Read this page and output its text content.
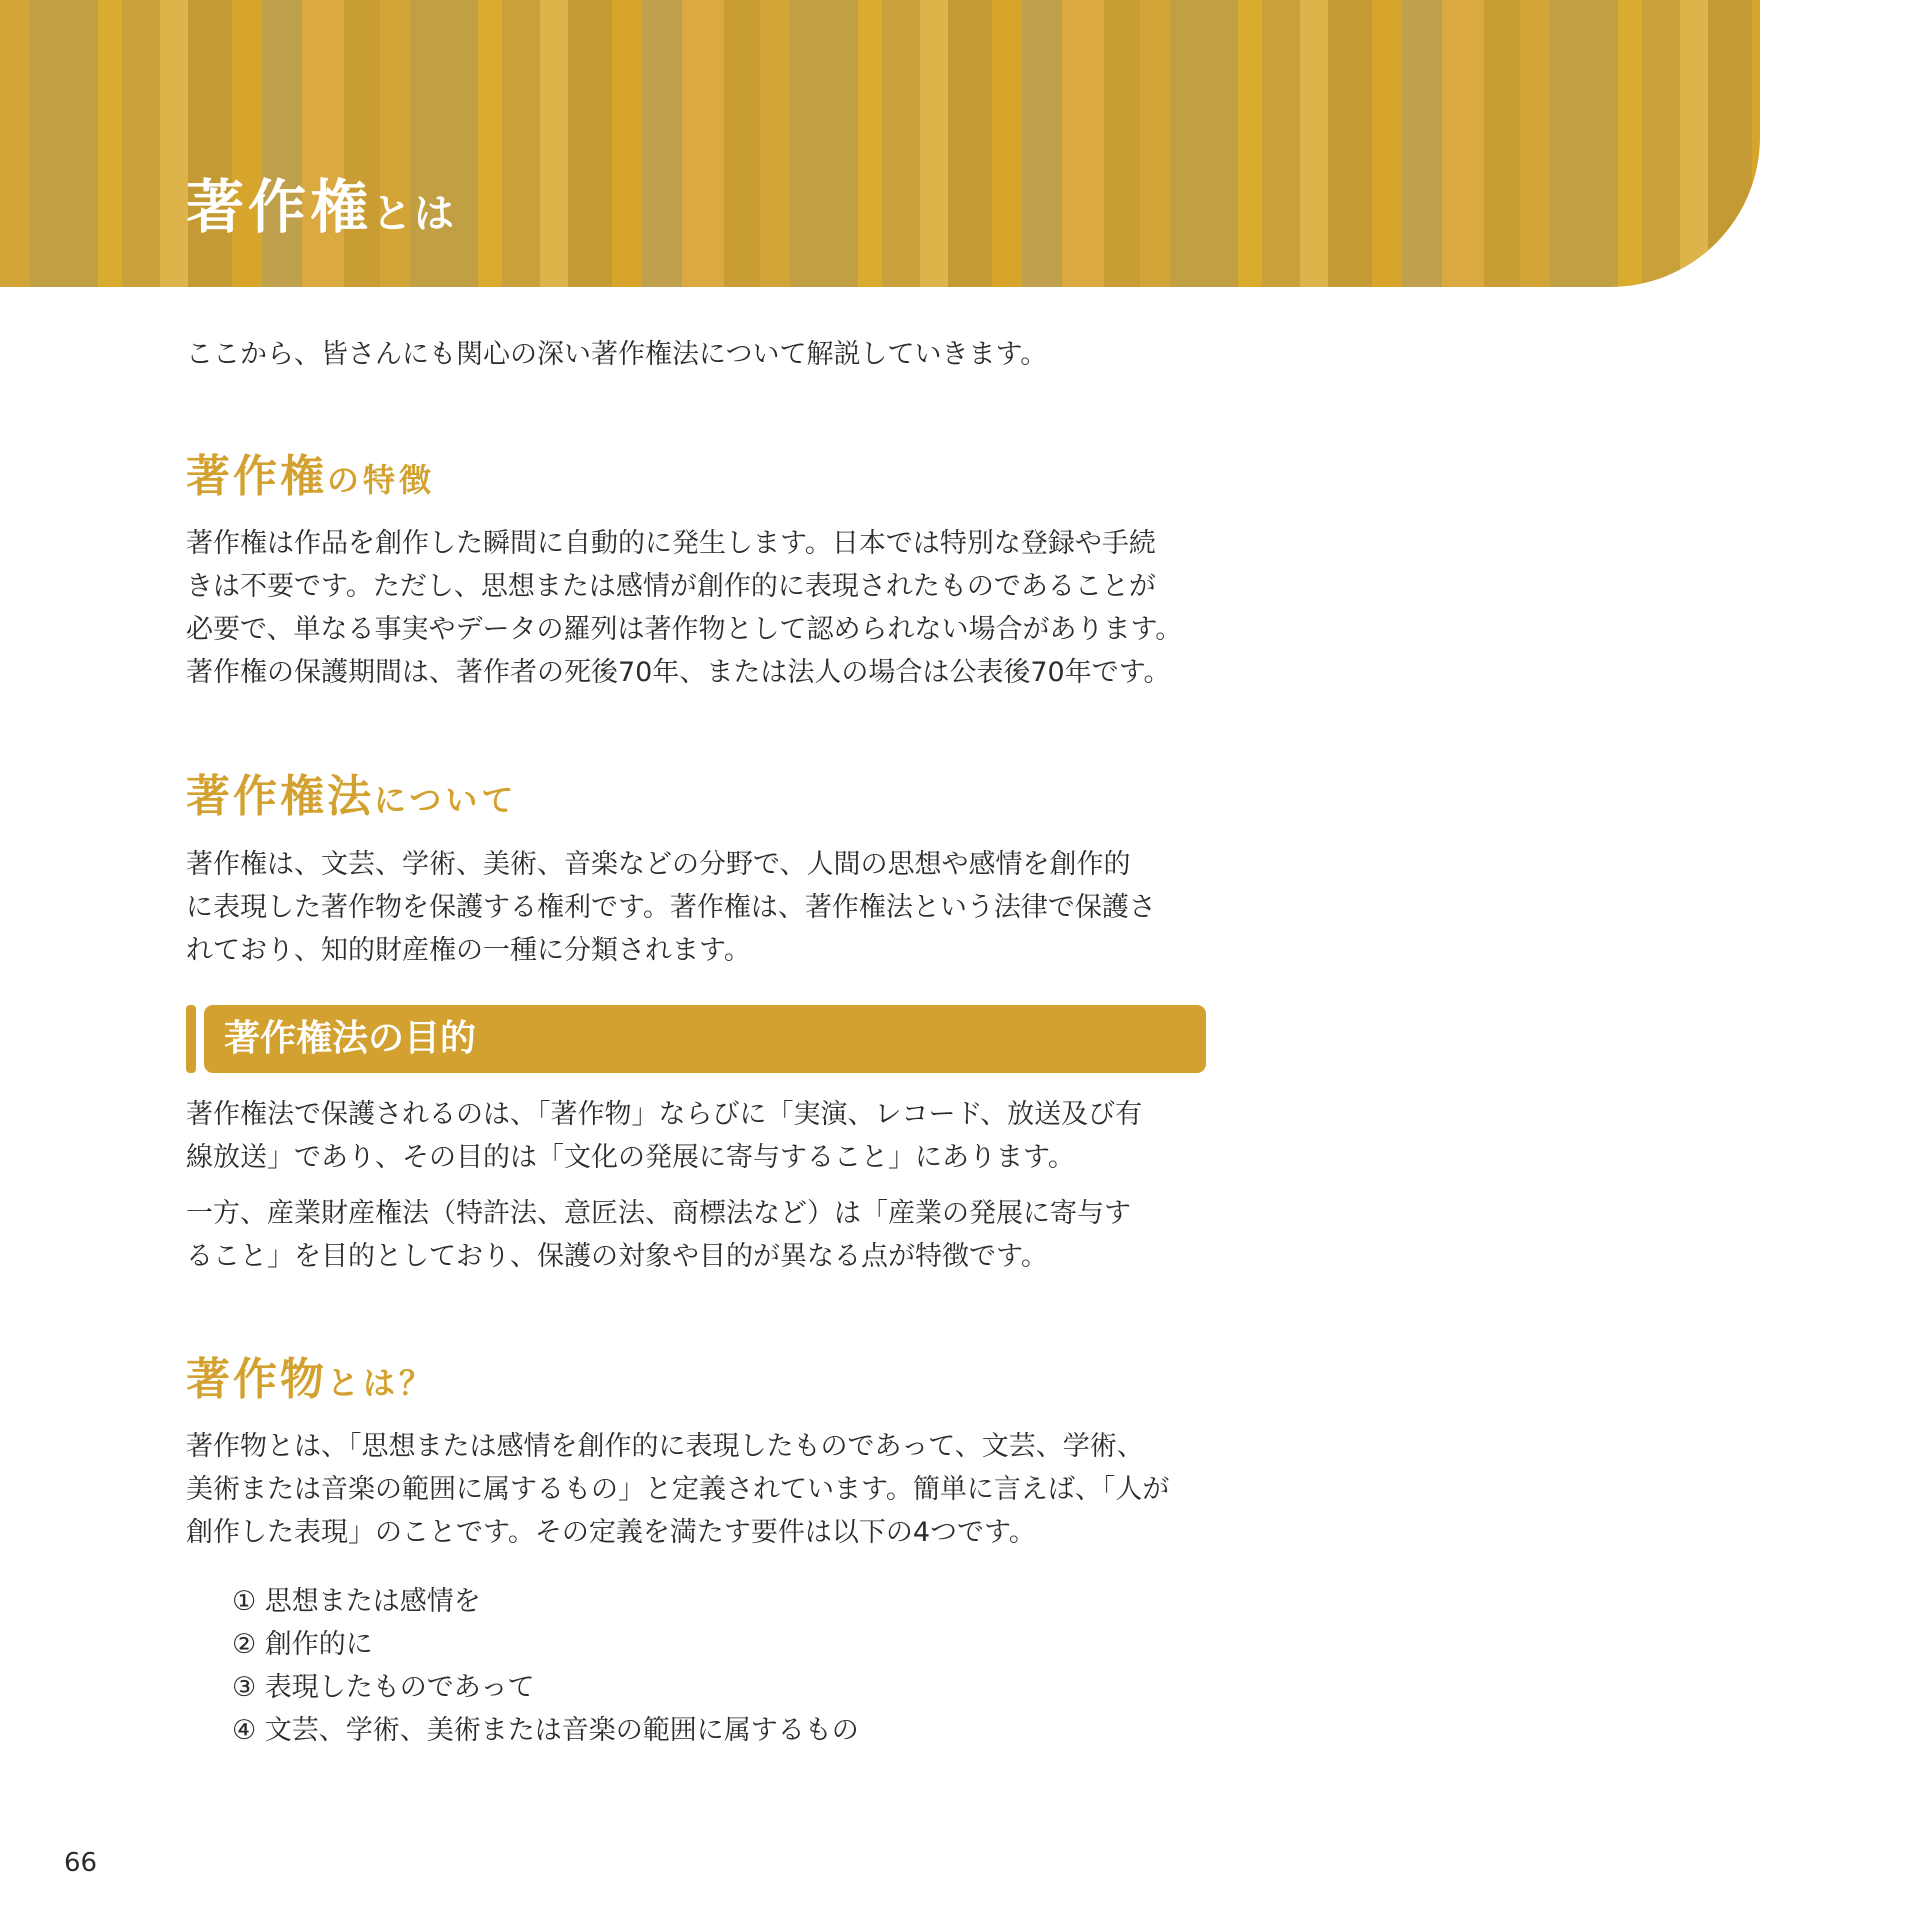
著作権とは
ここから、皆さんにも関心の深い著作権法について解説していきます。
著作権の特徴

著作権は作品を創作した瞬間に自動的に発生します。日本では特別な登録や手続

きは不要です。ただし、思想または感情が創作的に表現されたものであることが

必要で、単なる事実やデータの羅列は著作物として認められない場合があります。

著作権の保護期間は、著作者の死後70年、または法人の場合は公表後70年です。

著作権法について

著作権は、文芸、学術、美術、音楽などの分野で、人間の思想や感情を創作的

に表現した著作物を保護する権利です。著作権は、著作権法という法律で保護さ

れており、知的財産権の一種に分類されます。

著作権法の目的

著作権法で保護されるのは、「著作物」ならびに「実演、レコード、放送及び有

線放送」であり、その目的は「文化の発展に寄与すること」にあります。

一方、産業財産権法（特許法、意匠法、商標法など）は「産業の発展に寄与す

ること」を目的としており、保護の対象や目的が異なる点が特徴です。

著作物とは？

著作物とは、「思想または感情を創作的に表現したものであって、文芸、学術、

美術または音楽の範囲に属するもの」と定義されています。簡単に言えば、「人が

創作した表現」のことです。その定義を満たす要件は以下の4つです。

① 思想または感情を
② 創作的に
③ 表現したものであって
④ 文芸、学術、美術または音楽の範囲に属するもの
66
